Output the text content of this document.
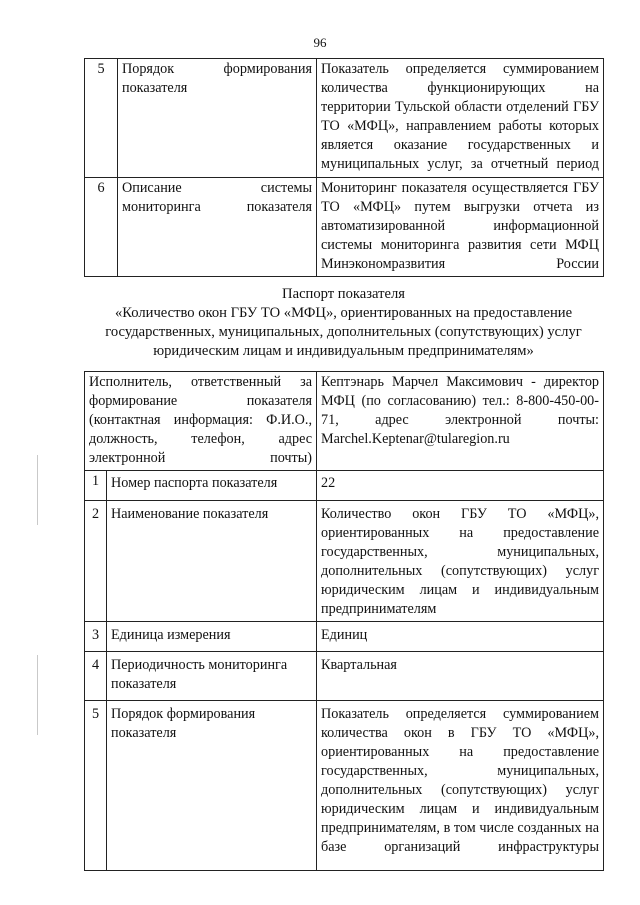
96
5	Порядок формирования показателя	Показатель определяется суммированием количества функционирующих на территории Тульской области отделений ГБУ ТО «МФЦ», направлением работы которых является оказание государственных и муниципальных услуг, за отчетный период
6	Описание системы мониторинга показателя	Мониторинг показателя осуществляется ГБУ ТО «МФЦ» путем выгрузки отчета из автоматизированной информационной системы мониторинга развития сети МФЦ Минэкономразвития России
Паспорт показателя
«Количество окон ГБУ ТО «МФЦ», ориентированных на предоставление
государственных, муниципальных, дополнительных (сопутствующих) услуг
юридическим лицам и индивидуальным предпринимателям»
Исполнитель, ответственный за формирование показателя (контактная информация: Ф.И.О., должность, телефон, адрес электронной почты)		Кептэнарь Марчел Максимович - директор МФЦ (по согласованию) тел.: 8-800-450-00-71, адрес электронной почты: Marchel.Keptenar@tularegion.ru
1	Номер паспорта показателя	22
2	Наименование показателя	Количество окон ГБУ ТО «МФЦ», ориентированных на предоставление государственных, муниципальных, дополнительных (сопутствующих) услуг юридическим лицам и индивидуальным предпринимателям
3	Единица измерения	Единиц
4	Периодичность мониторинга показателя	Квартальная
5	Порядок формирования показателя	Показатель определяется суммированием количества окон в ГБУ ТО «МФЦ», ориентированных на предоставление государственных, муниципальных, дополнительных (сопутствующих) услуг юридическим лицам и индивидуальным предпринимателям, в том числе созданных на базе организаций инфраструктуры
